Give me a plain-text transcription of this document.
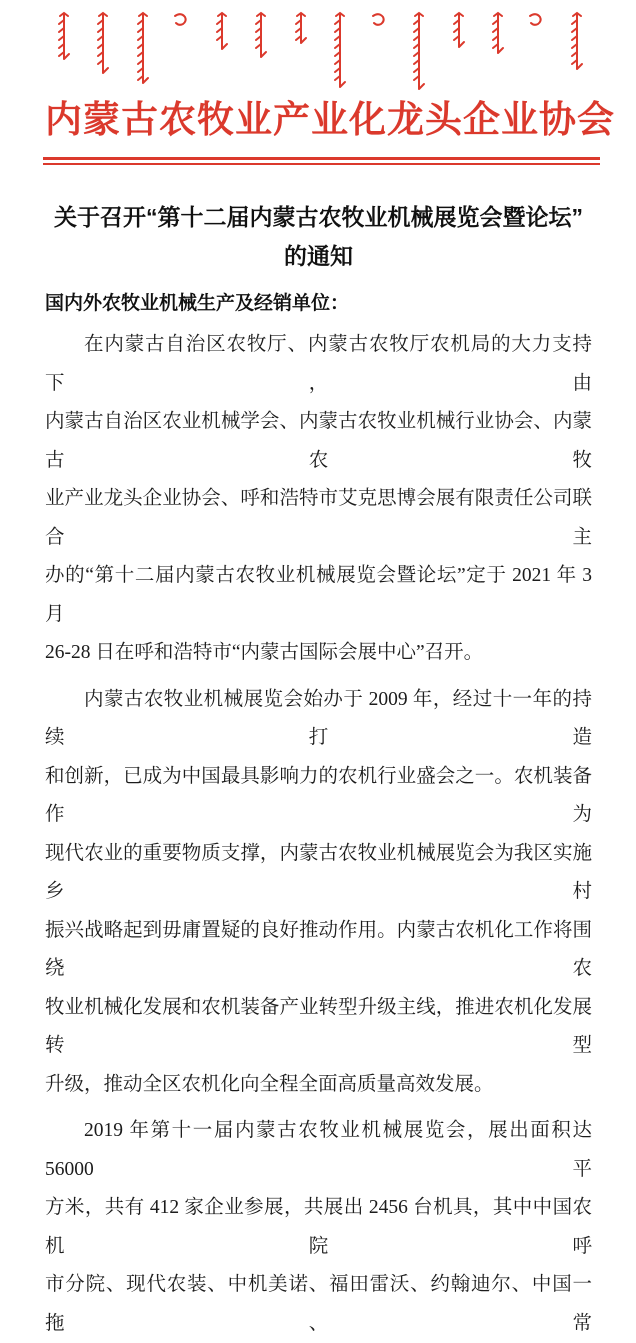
内蒙古农牧业产业化龙头企业协会
关于召开“第十二届内蒙古农牧业机械展览会暨论坛”
的通知

国内外农牧业机械生产及经销单位：

在内蒙古自治区农牧厅、内蒙古农牧厅农机局的大力支持下，由
内蒙古自治区农业机械学会、内蒙古农牧业机械行业协会、内蒙古农牧
业产业龙头企业协会、呼和浩特市艾克思博会展有限责任公司联合主
办的“第十二届内蒙古农牧业机械展览会暨论坛”定于 2021 年 3 月
26-28 日在呼和浩特市“内蒙古国际会展中心”召开。
内蒙古农牧业机械展览会始办于 2009 年，经过十一年的持续打造
和创新，已成为中国最具影响力的农机行业盛会之一。农机装备作为
现代农业的重要物质支撑，内蒙古农牧业机械展览会为我区实施乡村
振兴战略起到毋庸置疑的良好推动作用。内蒙古农机化工作将围绕农
牧业机械化发展和农机装备产业转型升级主线，推进农机化发展转型
升级，推动全区农机化向全程全面高质量高效发展。
2019 年第十一届内蒙古农牧业机械展览会，展出面积达 56000 平
方米，共有 412 家企业参展，共展出 2456 台机具，其中中国农机院呼
市分院、现代农装、中机美诺、福田雷沃、约翰迪尔、中国一拖、常
